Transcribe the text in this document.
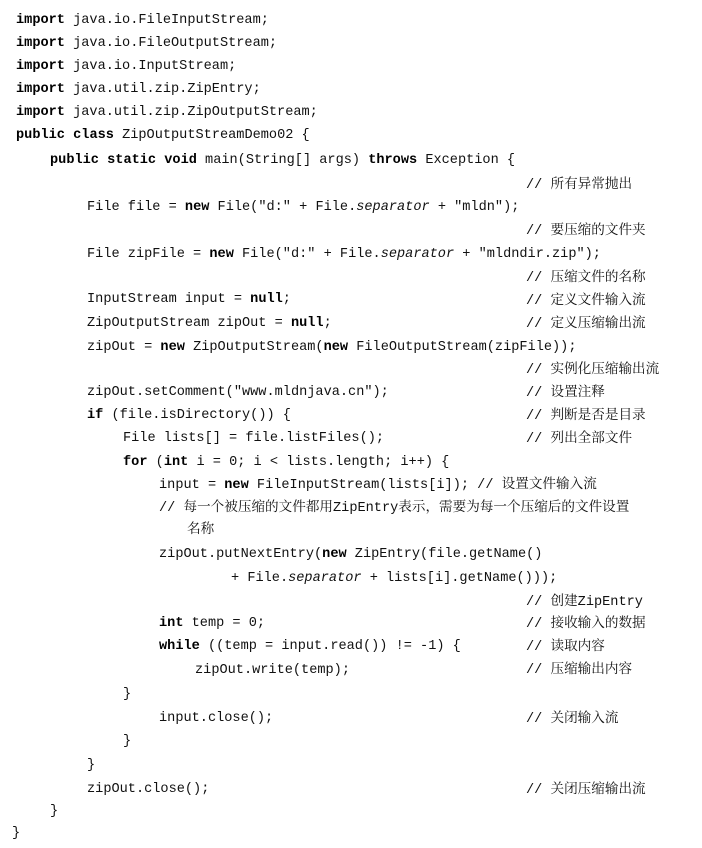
import java.io.FileInputStream;
import java.io.FileOutputStream;
import java.io.InputStream;
import java.util.zip.ZipEntry;
import java.util.zip.ZipOutputStream;
public class ZipOutputStreamDemo02 {
public static void main(String[] args) throws Exception {
// 所有异常抛出
File file = new File("d:" + File.separator + "mldn");
// 要压缩的文件夹
File zipFile = new File("d:" + File.separator + "mldndir.zip");
// 压缩文件的名称
InputStream input = null;	// 定义文件输入流
ZipOutputStream zipOut = null;	// 定义压缩输出流
zipOut = new ZipOutputStream(new FileOutputStream(zipFile));
// 实例化压缩输出流
zipOut.setComment("www.mldnjava.cn");	// 设置注释
if (file.isDirectory()) {	// 判断是否是目录
File lists[] = file.listFiles();	// 列出全部文件
for (int i = 0; i < lists.length; i++) {
input = new FileInputStream(lists[i]); // 设置文件输入流
// 每一个被压缩的文件都用ZipEntry表示，需要为每一个压缩后的文件设置
名称
zipOut.putNextEntry(new ZipEntry(file.getName()
+ File.separator + lists[i].getName()));
// 创建ZipEntry
int temp = 0;	// 接收输入的数据
while ((temp = input.read()) != -1) {	// 读取内容
zipOut.write(temp);	// 压缩输出内容
}
input.close();	// 关闭输入流
}
}
zipOut.close();	// 关闭压缩输出流
}
}
